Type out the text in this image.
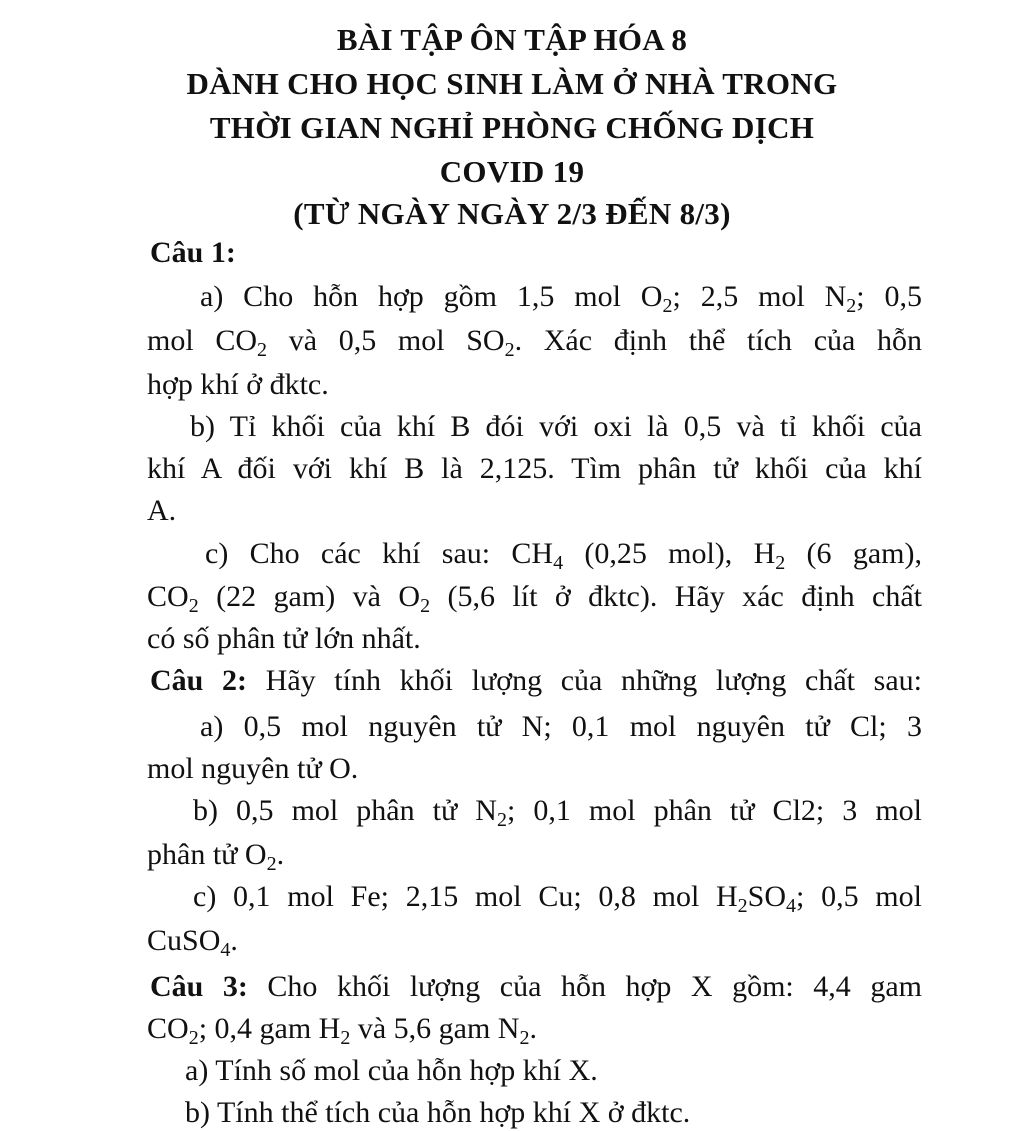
BÀI TẬP ÔN TẬP HÓA 8
DÀNH CHO HỌC SINH LÀM Ở NHÀ TRONG
THỜI GIAN NGHỈ PHÒNG CHỐNG DỊCH
COVID 19
(TỪ NGÀY NGÀY 2/3 ĐẾN 8/3)
Câu 1:
a) Cho hỗn hợp gồm 1,5 mol $O_2$; 2,5 mol $N_2$; 0,5
mol $CO_2$ và 0,5 mol $SO_2$. Xác định thể tích của hỗn
hợp khí ở đktc.
b) Tỉ khối của khí B đói với oxi là 0,5 và tỉ khối của
khí A đối với khí B là 2,125. Tìm phân tử khối của khí
A.
c) Cho các khí sau: $CH_4$ (0,25 mol), $H_2$ (6 gam),
$CO_2$ (22 gam) và $O_2$ (5,6 lít ở đktc). Hãy xác định chất
có số phân tử lớn nhất.
Câu 2: Hãy tính khối lượng của những lượng chất sau:
a) 0,5 mol nguyên tử N; 0,1 mol nguyên tử Cl; 3
mol nguyên tử O.
b) 0,5 mol phân tử $N_2$; 0,1 mol phân tử Cl2; 3 mol
phân tử $O_2$.
c) 0,1 mol Fe; 2,15 mol Cu; 0,8 mol $H_2SO_4$; 0,5 mol
CuSO$_4$.
Câu 3: Cho khối lượng của hỗn hợp X gồm: 4,4 gam
$CO_2$; 0,4 gam $H_2$ và 5,6 gam $N_2$.
a) Tính số mol của hỗn hợp khí X.
b) Tính thể tích của hỗn hợp khí X ở đktc.
